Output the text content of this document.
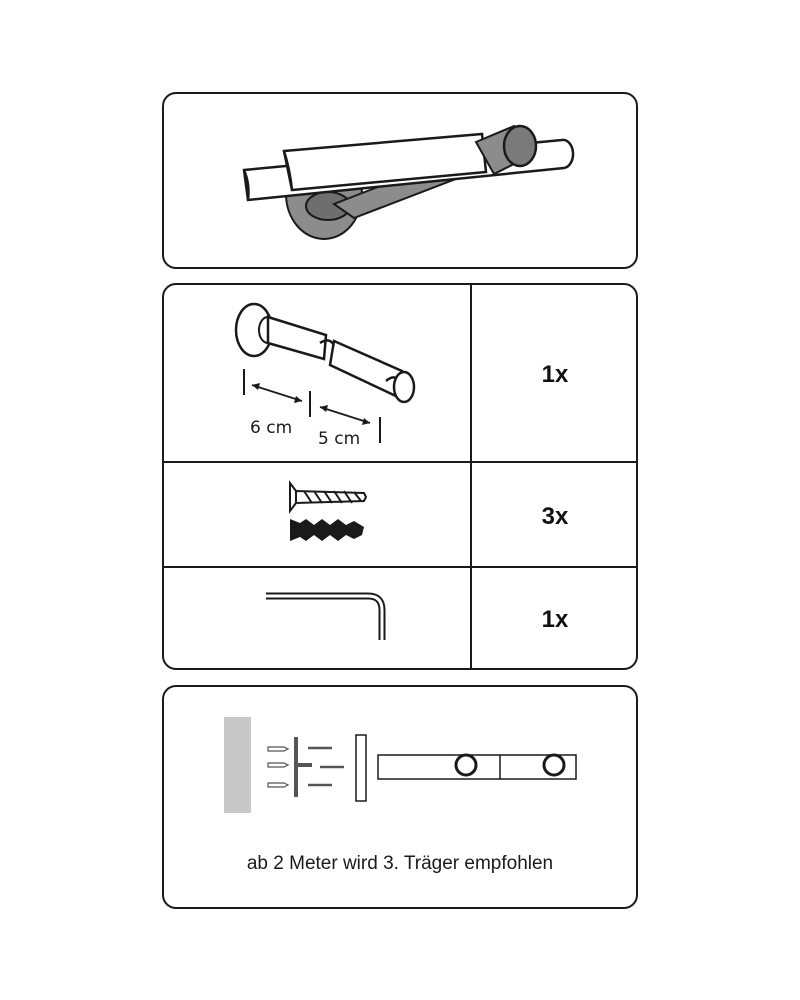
6 cm
5 cm
1x
3x
1x
ab 2 Meter wird 3. Träger empfohlen
